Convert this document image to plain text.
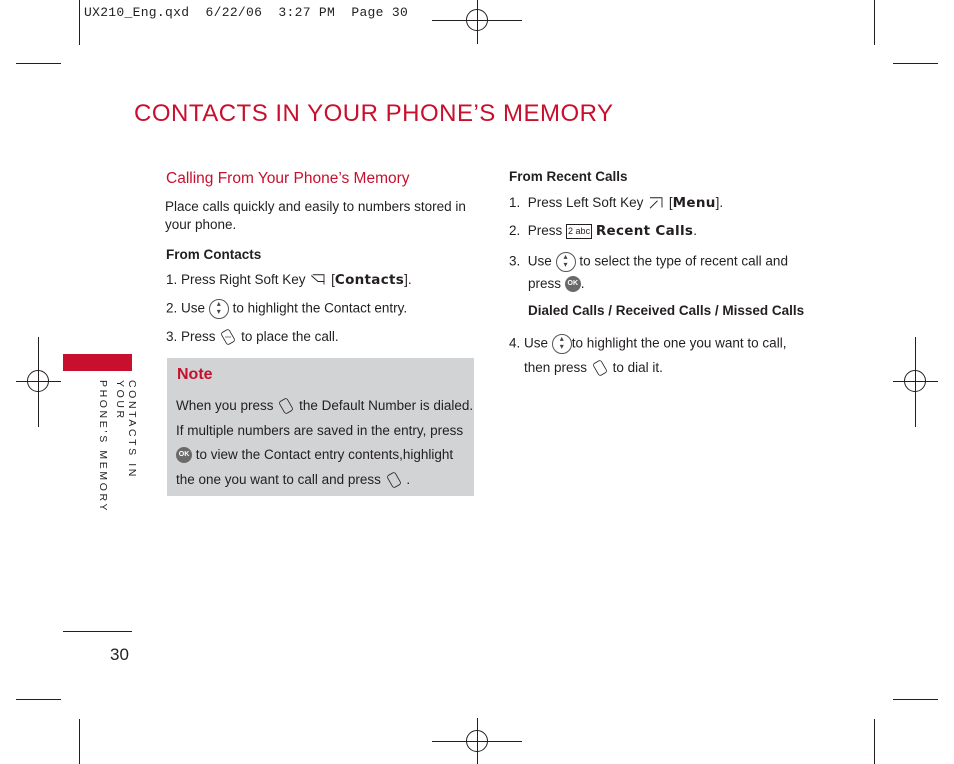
UX210_Eng.qxd  6/22/06  3:27 PM  Page 30
CONTACTS IN YOUR PHONE’S MEMORY
Calling From Your Phone’s Memory
Place calls quickly and easily to numbers stored in
your phone.
From Contacts
1. Press Right Soft Key [Contacts].
2. Use ▴
▾ to highlight the Contact entry.
3. Press to place the call.
Note
When you press the Default Number is dialed.
If multiple numbers are saved in the entry, press
OK to view the Contact entry contents,highlight
the one you want to call and press .
From Recent Calls
1. Press Left Soft Key [Menu].
2. Press 2 abc Recent Calls.
3. Use ▴
▾ to select the type of recent call and
press OK .
Dialed Calls / Received Calls / Missed Calls
4. Use ▴
▾ to highlight the one you want to call,
then press to dial it.
CONTACTS IN YOUR
PHONE’S MEMORY
30
